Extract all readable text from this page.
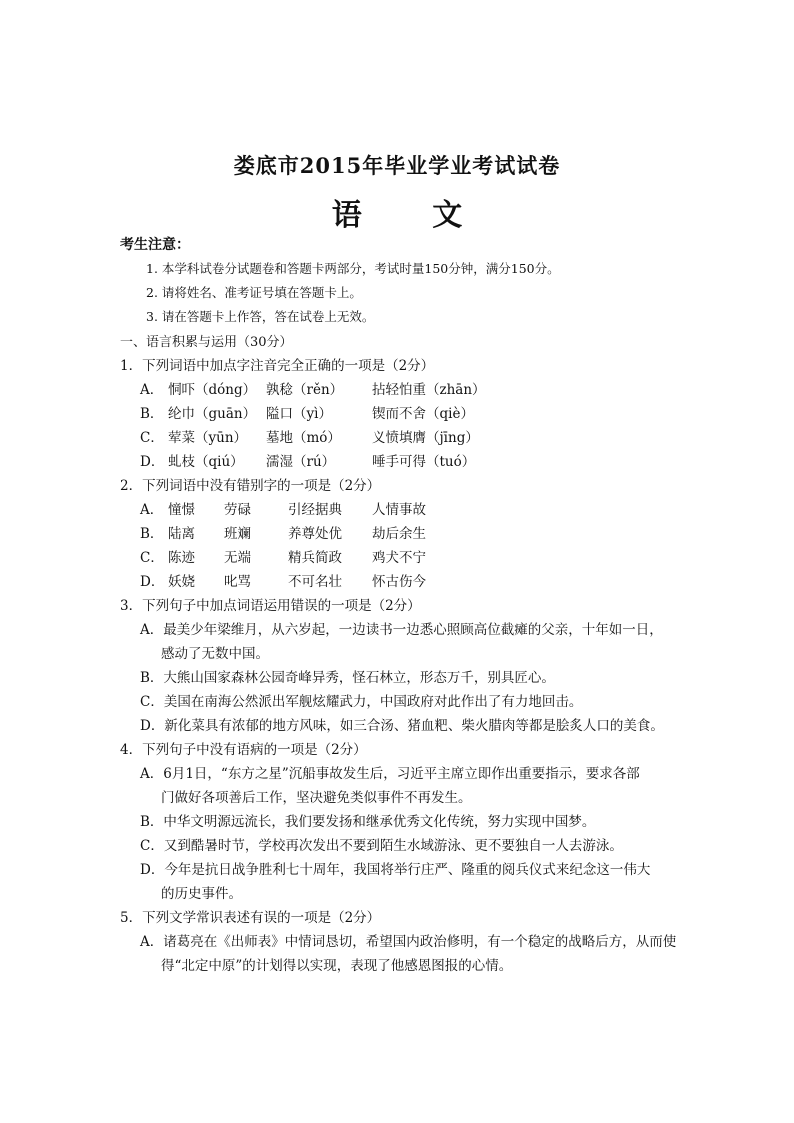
娄底市2015年毕业学业考试试卷
语 文
考生注意：
1. 本学科试卷分试题卷和答题卡两部分，考试时量150分钟，满分150分。
2. 请将姓名、准考证号填在答题卡上。
3. 请在答题卡上作答，答在试卷上无效。
一、语言积累与运用（30分）
1．下列词语中加点字注音完全正确的一项是（2分）
A． 恫吓（dóng） 孰稔（rěn）	拈轻怕重（zhān）
B． 纶巾（guān） 隘口（yì）	锲而不舍（qiè）
C． 荤菜（yūn）	墓地（mó）	义愤填膺（jīng）
D． 虬枝（qiú）	濡湿（rú）	唾手可得（tuó）
2．下列词语中没有错别字的一项是（2分）
A． 憧憬	劳碌	引经据典	人情事故
B． 陆离	班斓	养尊处优	劫后余生
C． 陈迹	无端	精兵简政	鸡犬不宁
D． 妖娆	叱骂	不可名壮	怀古伤今
3．下列句子中加点词语运用错误的一项是（2分）
A．最美少年梁维月，从六岁起，一边读书一边悉心照顾高位截瘫的父亲，十年如一日，
感动了无数中国。
B．大熊山国家森林公园奇峰异秀，怪石林立，形态万千，别具匠心。
C．美国在南海公然派出军舰炫耀武力，中国政府对此作出了有力地回击。
D．新化菜具有浓郁的地方风味，如三合汤、猪血粑、柴火腊肉等都是脍炙人口的美食。
4．下列句子中没有语病的一项是（2分）
A．6月1日，“东方之星”沉船事故发生后，习近平主席立即作出重要指示，要求各部
门做好各项善后工作，坚决避免类似事件不再发生。
B．中华文明源远流长，我们要发扬和继承优秀文化传统，努力实现中国梦。
C．又到酷暑时节，学校再次发出不要到陌生水域游泳、更不要独自一人去游泳。
D．今年是抗日战争胜利七十周年，我国将举行庄严、隆重的阅兵仪式来纪念这一伟大
的历史事件。
5．下列文学常识表述有误的一项是（2分）
A．诸葛亮在《出师表》中情词恳切，希望国内政治修明，有一个稳定的战略后方，从而使
得“北定中原”的计划得以实现，表现了他感恩图报的心情。
